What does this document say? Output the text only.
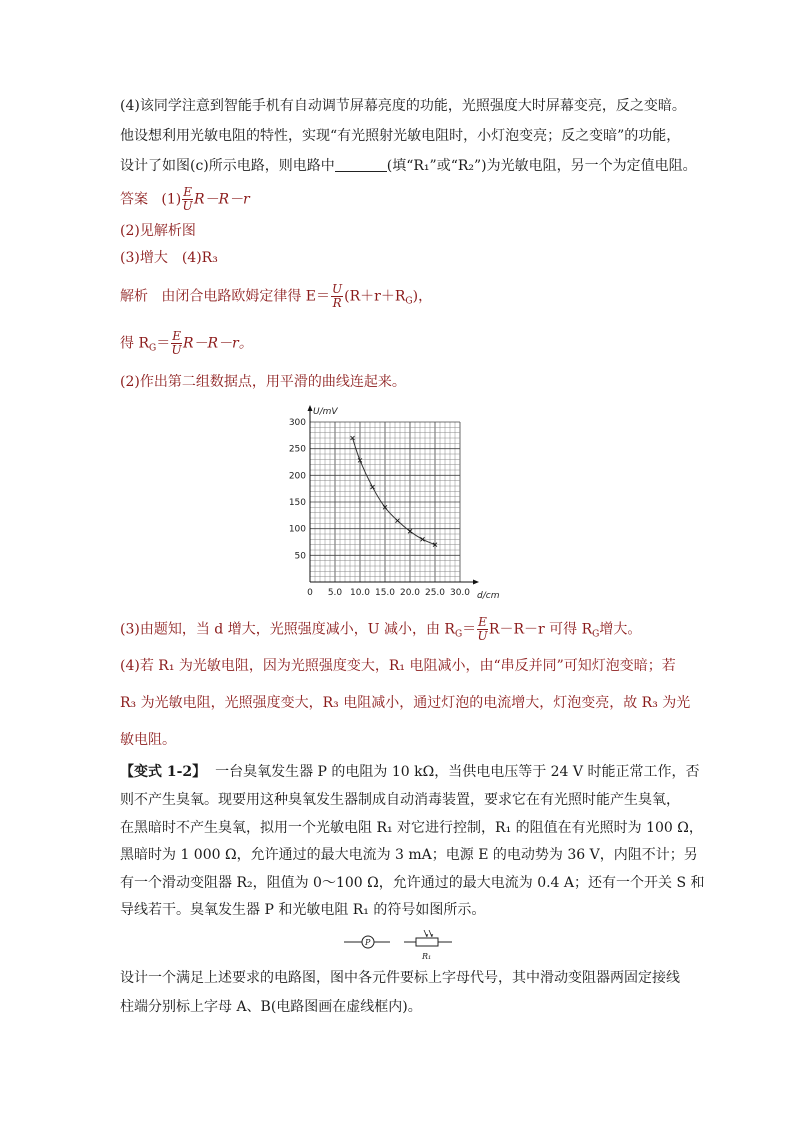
(4)该同学注意到智能手机有自动调节屏幕亮度的功能，光照强度大时屏幕变亮，反之变暗。
他设想利用光敏电阻的特性，实现“有光照射光敏电阻时，小灯泡变亮；反之变暗”的功能，
设计了如图(c)所示电路，则电路中	(填“R₁”或“R₂”)为光敏电阻，另一个为定值电阻。
答案 $(1) \frac{E}{U} R-R-r$
(2)见解析图
(3)增大　(4)R₃
解析 由闭合电路欧姆定律得 $E= \frac{U}{R} (R+r+R_G)$，
得 $R_G= \frac{E}{U} R-R-r$。
(2)作出第二组数据点，用平滑的曲线连起来。
50
100
150
200
250
300
0 5.0 10.0 15.0 20.0 25.0 30.0
U/mV
d/cm
(3)由题知，当 d 增大，光照强度减小，U 减小，由 $R_G= \frac{E}{U} R-R-r$ 可得 $R_G$增大。
(4)若 R₁ 为光敏电阻，因为光照强度变大，R₁ 电阻减小，由“串反并同”可知灯泡变暗；若
R₃ 为光敏电阻，光照强度变大，R₃ 电阻减小，通过灯泡的电流增大，灯泡变亮，故 R₃ 为光
敏电阻。
【变式 1-2】 一台臭氧发生器 P 的电阻为 10 kΩ，当供电电压等于 24 V 时能正常工作，否
则不产生臭氧。现要用这种臭氧发生器制成自动消毒装置，要求它在有光照时能产生臭氧，
在黑暗时不产生臭氧，拟用一个光敏电阻 R₁ 对它进行控制，R₁ 的阻值在有光照时为 100 Ω，
黑暗时为 1 000 Ω，允许通过的最大电流为 3 mA；电源 E 的电动势为 36 V，内阻不计；另
有一个滑动变阻器 R₂，阻值为 0～100 Ω，允许通过的最大电流为 0.4 A；还有一个开关 S 和
导线若干。臭氧发生器 P 和光敏电阻 R₁ 的符号如图所示。
P
R₁
设计一个满足上述要求的电路图，图中各元件要标上字母代号，其中滑动变阻器两固定接线
柱端分别标上字母 A、B(电路图画在虚线框内)。
